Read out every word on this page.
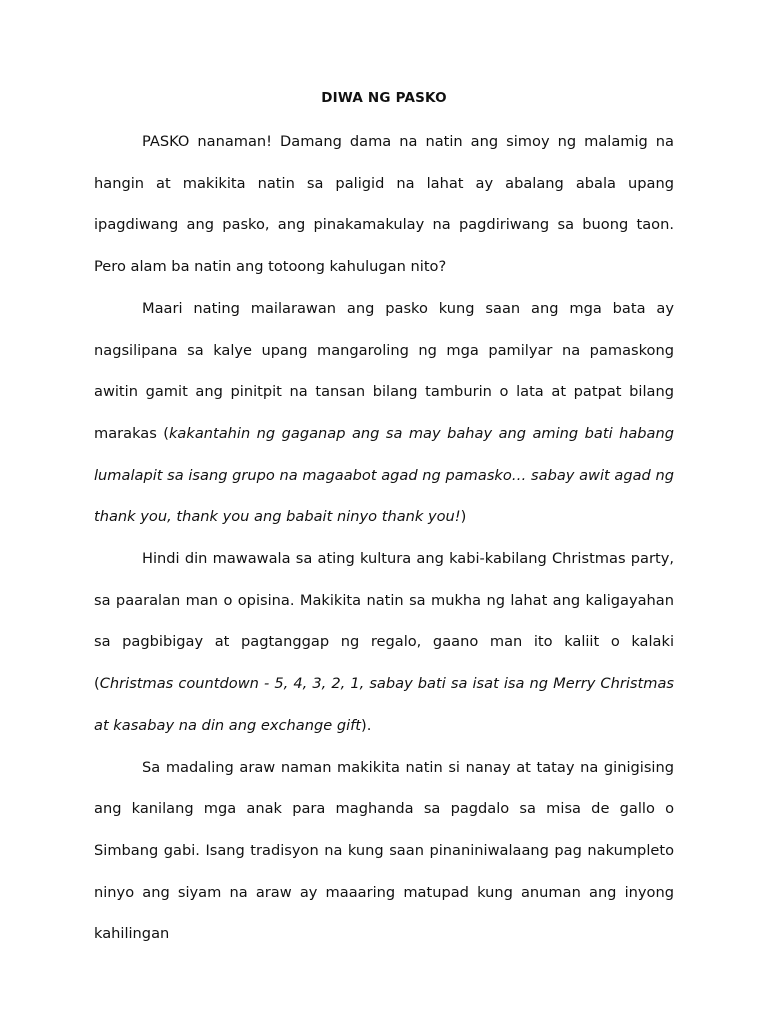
DIWA NG PASKO

PASKO nanaman! Damang dama na natin ang simoy ng malamig na hangin at makikita natin sa paligid na lahat ay abalang abala upang ipagdiwang ang pasko, ang pinakamakulay na pagdiriwang sa buong taon. Pero alam ba natin ang totoong kahulugan nito?

Maari nating mailarawan ang pasko kung saan ang mga bata ay nagsilipana sa kalye upang mangaroling ng mga pamilyar na pamaskong awitin gamit ang pinitpit na tansan bilang tamburin o lata at patpat bilang marakas (kakantahin ng gaganap ang sa may bahay ang aming bati habang lumalapit sa isang grupo na magaabot agad ng pamasko… sabay awit agad ng thank you, thank you ang babait ninyo thank you!)

Hindi din mawawala sa ating kultura ang kabi-kabilang Christmas party, sa paaralan man o opisina. Makikita natin sa mukha ng lahat ang kaligayahan sa pagbibigay at pagtanggap ng regalo, gaano man ito kaliit o kalaki (Christmas countdown - 5, 4, 3, 2, 1, sabay bati sa isat isa ng Merry Christmas at kasabay na din ang exchange gift).

Sa madaling araw naman makikita natin si nanay at tatay na ginigising ang kanilang mga anak para maghanda sa pagdalo sa misa de gallo o Simbang gabi. Isang tradisyon na kung saan pinaniniwalaang pag nakumpleto ninyo ang siyam na araw ay maaaring matupad kung anuman ang inyong kahilingan
